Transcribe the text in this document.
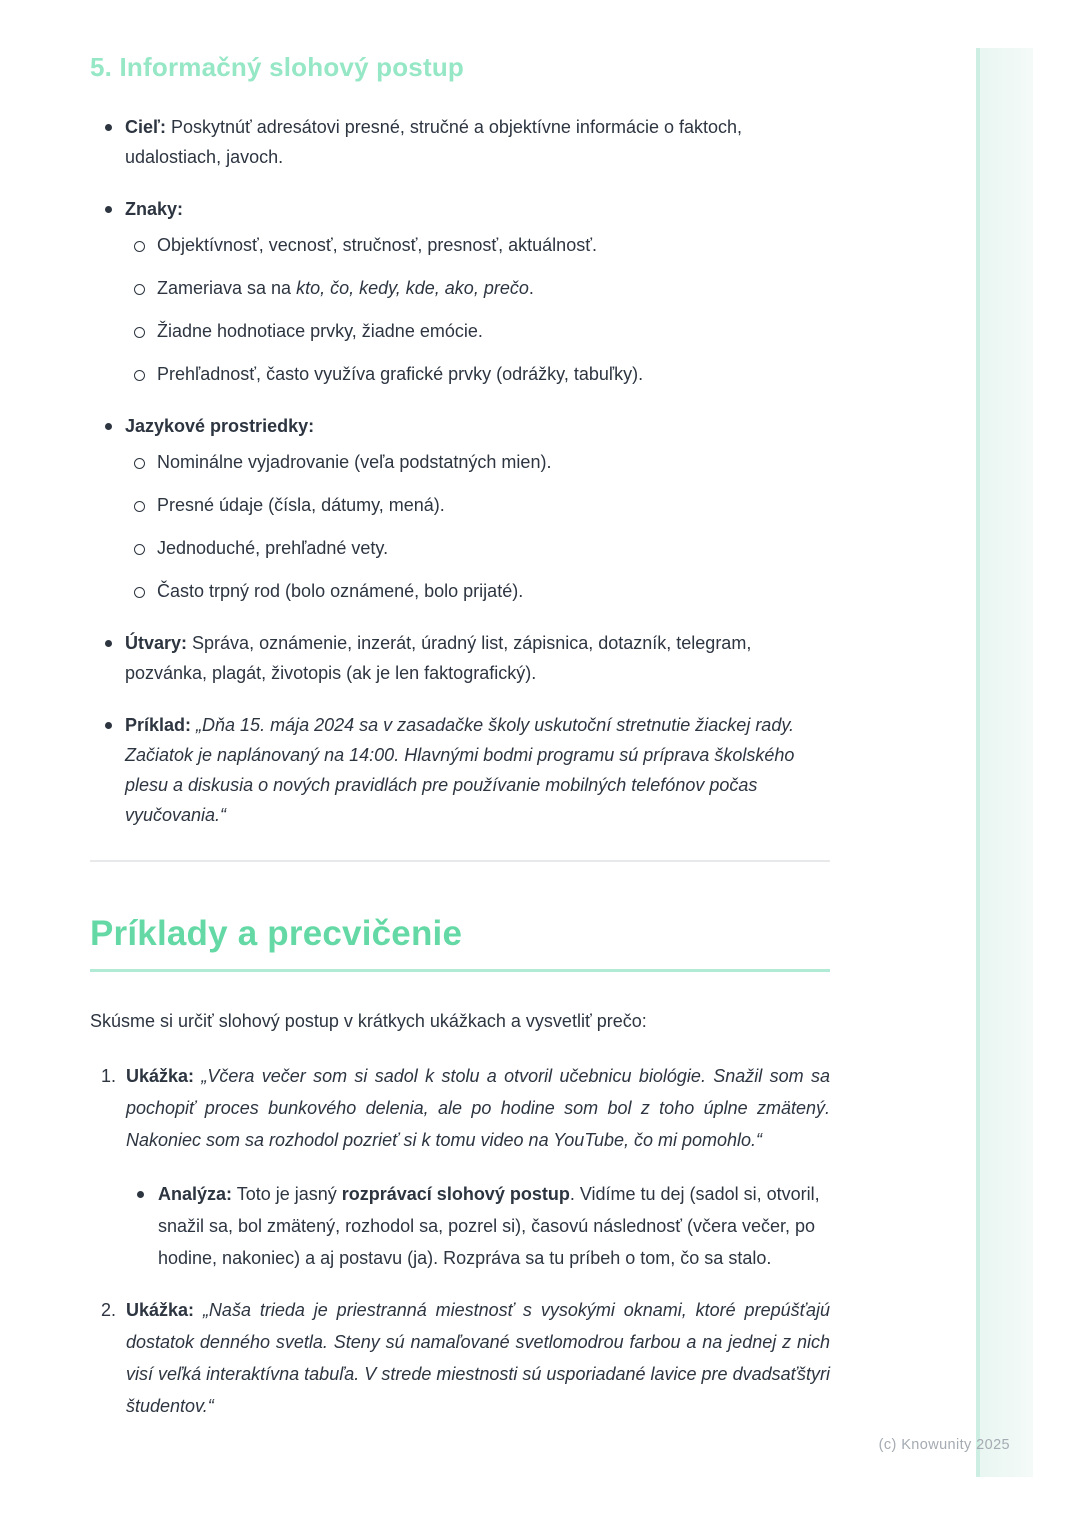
(c) Knowunity 2025
5. Informačný slohový postup
Cieľ: Poskytnúť adresátovi presné, stručné a objektívne informácie o faktoch, udalostiach, javoch.
Znaky:
Objektívnosť, vecnosť, stručnosť, presnosť, aktuálnosť.
Zameriava sa na kto, čo, kedy, kde, ako, prečo.
Žiadne hodnotiace prvky, žiadne emócie.
Prehľadnosť, často využíva grafické prvky (odrážky, tabuľky).
Jazykové prostriedky:
Nominálne vyjadrovanie (veľa podstatných mien).
Presné údaje (čísla, dátumy, mená).
Jednoduché, prehľadné vety.
Často trpný rod (bolo oznámené, bolo prijaté).
Útvary: Správa, oznámenie, inzerát, úradný list, zápisnica, dotazník, telegram, pozvánka, plagát, životopis (ak je len faktografický).
Príklad: „Dňa 15. mája 2024 sa v zasadačke školy uskutoční stretnutie žiackej rady. Začiatok je naplánovaný na 14:00. Hlavnými bodmi programu sú príprava školského plesu a diskusia o nových pravidlách pre používanie mobilných telefónov počas vyučovania.“
Príklady a precvičenie

Skúsme si určiť slohový postup v krátkych ukážkach a vysvetliť prečo:

Ukážka: „Včera večer som si sadol k stolu a otvoril učebnicu biológie. Snažil som sa pochopiť proces bunkového delenia, ale po hodine som bol z toho úplne zmätený. Nakoniec som sa rozhodol pozrieť si k tomu video na YouTube, čo mi pomohlo.“
Analýza: Toto je jasný rozprávací slohový postup. Vidíme tu dej (sadol si, otvoril, snažil sa, bol zmätený, rozhodol sa, pozrel si), časovú následnosť (včera večer, po hodine, nakoniec) a aj postavu (ja). Rozpráva sa tu príbeh o tom, čo sa stalo.
Ukážka: „Naša trieda je priestranná miestnosť s vysokými oknami, ktoré prepúšťajú dostatok denného svetla. Steny sú namaľované svetlomodrou farbou a na jednej z nich visí veľká interaktívna tabuľa. V strede miestnosti sú usporiadané lavice pre dvadsaťštyri študentov.“
